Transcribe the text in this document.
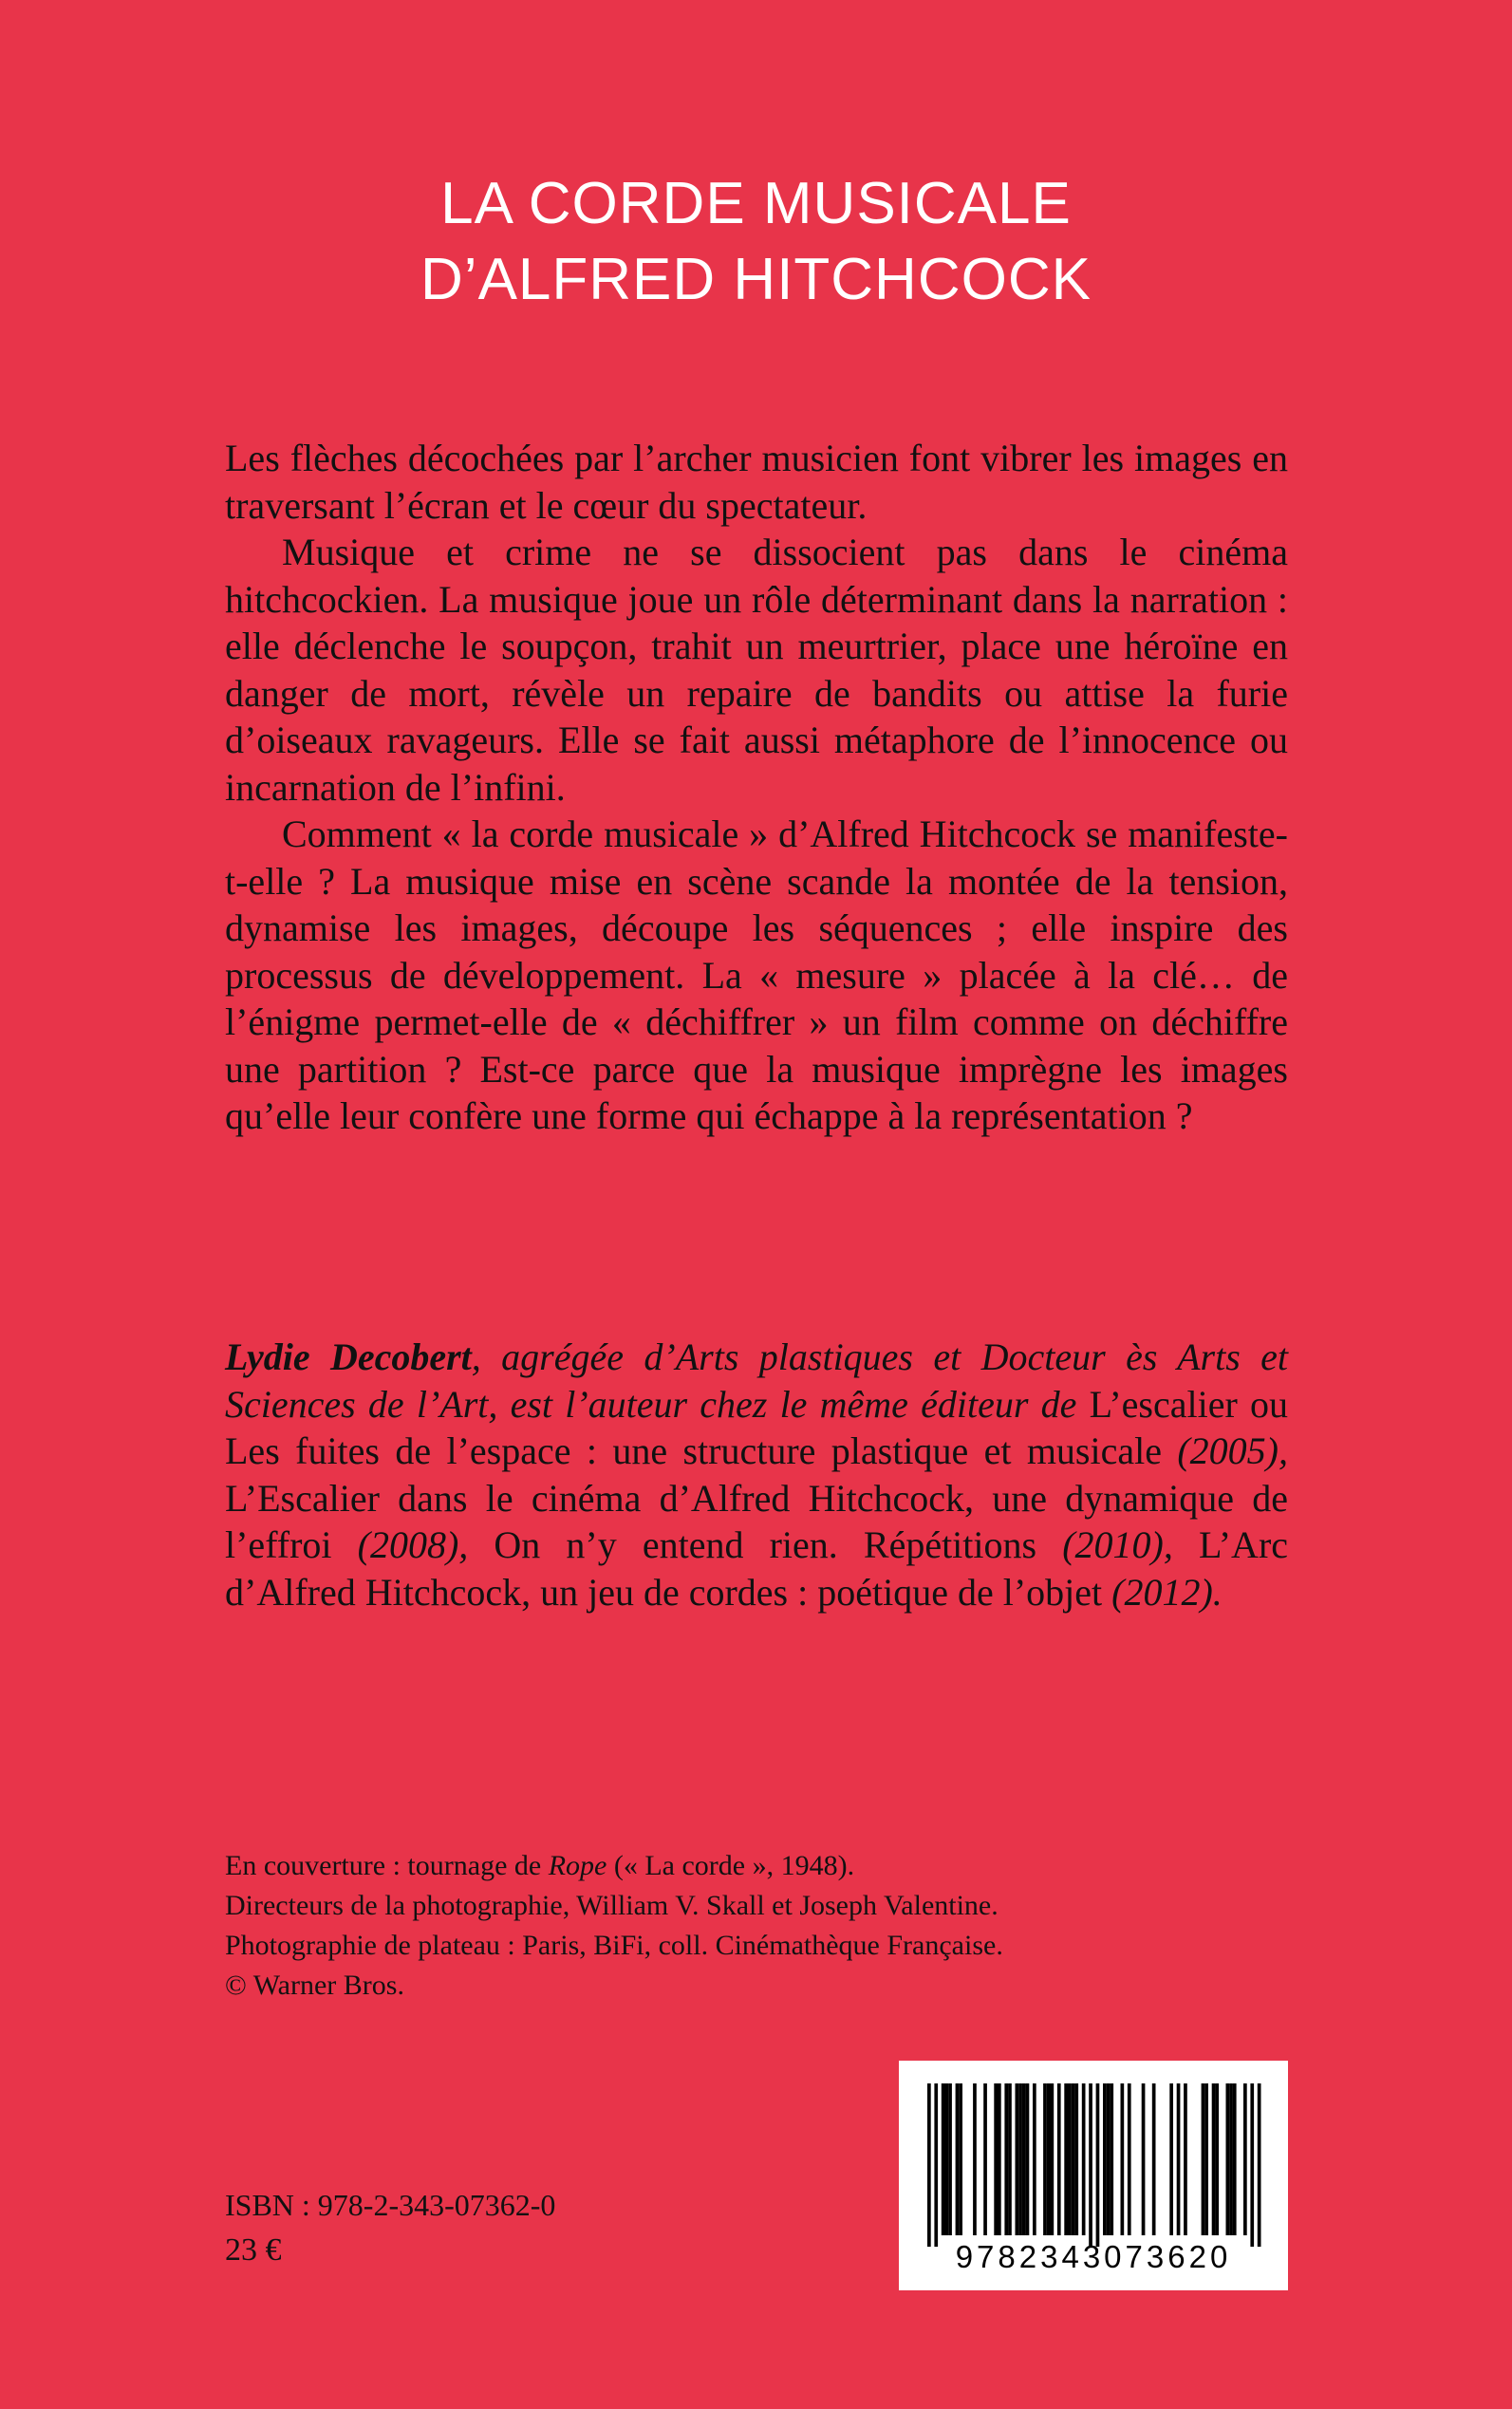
LA CORDE MUSICALE
D’ALFRED HITCHCOCK

Les flèches décochées par l’archer musicien font vibrer les images en traversant l’écran et le cœur du spectateur.

Musique et crime ne se dissocient pas dans le cinéma hitchcockien. La musique joue un rôle déterminant dans la narration : elle déclenche le soupçon, trahit un meurtrier, place une héroïne en danger de mort, révèle un repaire de bandits ou attise la furie d’oiseaux ravageurs. Elle se fait aussi métaphore de l’innocence ou incarnation de l’infini.

Comment « la corde musicale » d’Alfred Hitchcock se manifeste-t-elle ? La musique mise en scène scande la montée de la tension, dynamise les images, découpe les séquences ; elle inspire des processus de développement. La « mesure » placée à la clé… de l’énigme permet-elle de « déchiffrer » un film comme on déchiffre une partition ? Est-ce parce que la musique imprègne les images qu’elle leur confère une forme qui échappe à la représentation ?

Lydie Decobert, agrégée d’Arts plastiques et Docteur ès Arts et Sciences de l’Art, est l’auteur chez le même éditeur de L’escalier ou Les fuites de l’espace : une structure plastique et musicale (2005), L’Escalier dans le cinéma d’Alfred Hitchcock, une dynamique de l’effroi (2008), On n’y entend rien. Répétitions (2010), L’Arc d’Alfred Hitchcock, un jeu de cordes : poétique de l’objet (2012).

En couverture : tournage de Rope (« La corde », 1948).
Directeurs de la photographie, William V. Skall et Joseph Valentine.
Photographie de plateau : Paris, BiFi, coll. Cinémathèque Française.
© Warner Bros.
ISBN : 978-2-343-07362-0
23 €	9782343073620
